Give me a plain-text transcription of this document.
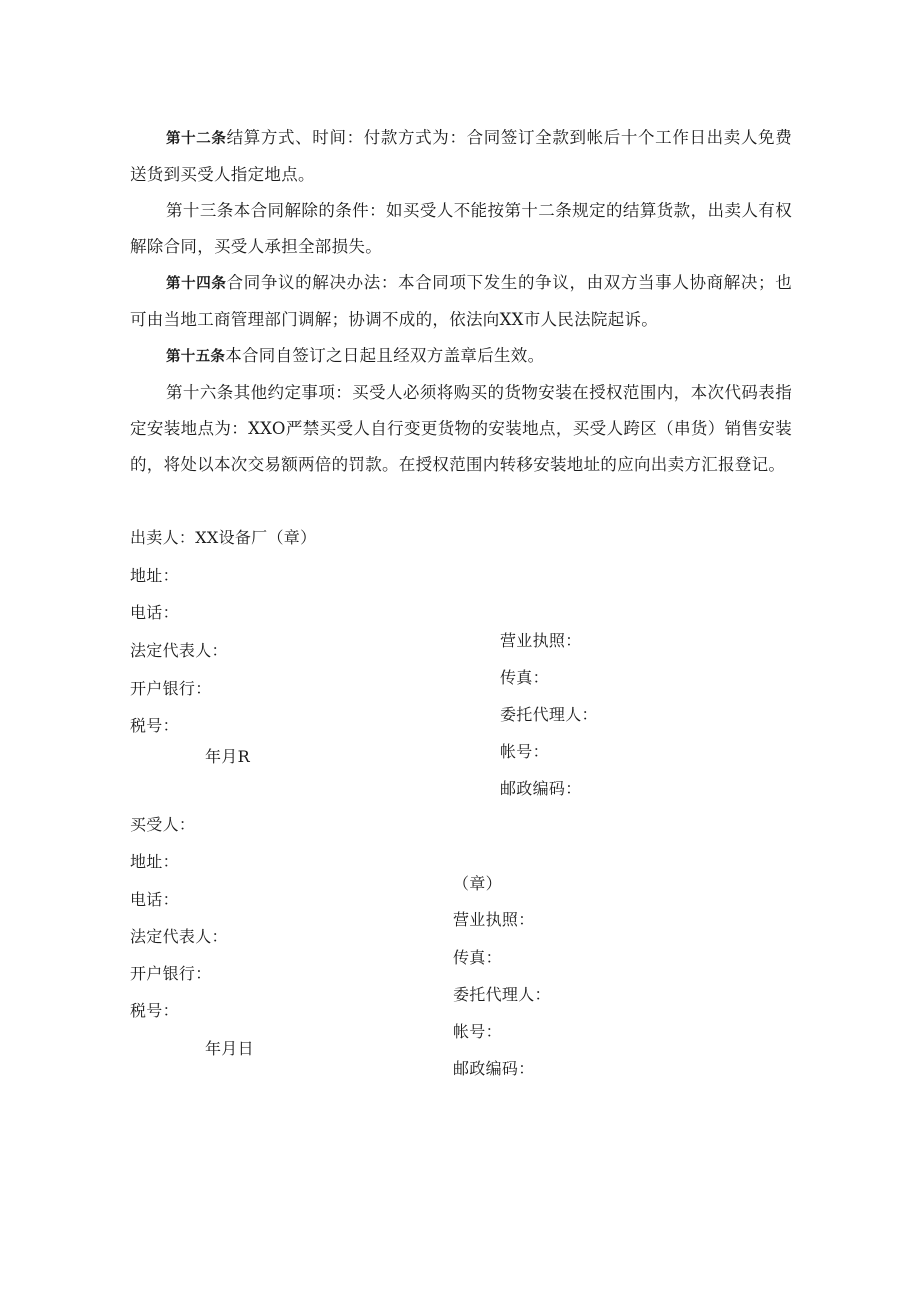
第十二条结算方式、时间：付款方式为：合同签订全款到帐后十个工作日出卖人免费送货到买受人指定地点。

第十三条本合同解除的条件：如买受人不能按第十二条规定的结算货款，出卖人有权解除合同，买受人承担全部损失。

第十四条合同争议的解决办法：本合同项下发生的争议，由双方当事人协商解决；也可由当地工商管理部门调解；协调不成的，依法向XX市人民法院起诉。

第十五条本合同自签订之日起且经双方盖章后生效。

第十六条其他约定事项：买受人必须将购买的货物安装在授权范围内，本次代码表指定安装地点为：XXO严禁买受人自行变更货物的安装地点，买受人跨区（串货）销售安装的，将处以本次交易额两倍的罚款。在授权范围内转移安装地址的应向出卖方汇报登记。

出卖人：XX设备厂（章）
地址：
电话：
法定代表人：
开户银行：
税号：
年月R
营业执照：
传真：
委托代理人：
帐号：
邮政编码：
买受人：
地址：
电话：
法定代表人：
开户银行：
税号：
年月日
（章）
营业执照：
传真：
委托代理人：
帐号：
邮政编码：
